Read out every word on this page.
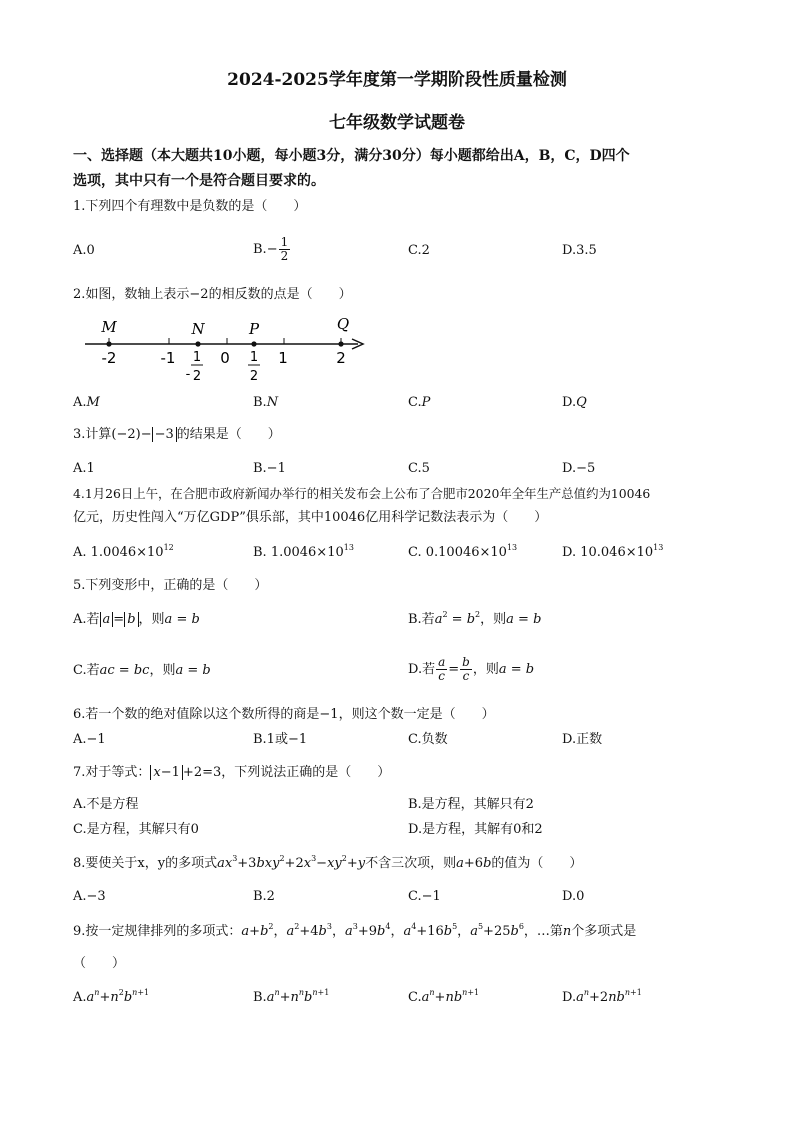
2024-2025学年度第一学期阶段性质量检测
七年级数学试题卷
一、选择题（本大题共10小题，每小题3分，满分30分）每小题都给出A，B，C，D四个
选项，其中只有一个是符合题目要求的。
1.下列四个有理数中是负数的是（　　）
A.0	$B.- \frac{1}{2}$	C.2	D.3.5
2.如图，数轴上表示−2的相反数的点是（　　）
M	N	P	Q
-2	-1	0	1	2
-
1
2
1
2
A.M	B.N	C.P	D.Q
3.计算(−2)− −3 的结果是（　　）
A.1	B.−1	C.5	D.−5
4.1月26日上午，在合肥市政府新闻办举行的相关发布会上公布了合肥市2020年全年生产总值约为10046
亿元，历史性闯入“万亿GDP”俱乐部，其中10046亿用科学记数法表示为（　　）
A. $1.0046\times 10^{12}$	B. $1.0046\times 10^{13}$	C. $0.10046\times 10^{13}$	D. $10.046\times 10^{13}$
5.下列变形中，正确的是（　　）
A.若 a = b ，则a = b	B.若$a^2 = b^2$，则a = b
C.若ac = bc，则a = b	D.若 $\frac{a}{c} = \frac{b}{c}$ ，则a = b
6.若一个数的绝对值除以这个数所得的商是−1，则这个数一定是（　　）
A.−1	B.1或−1	C.负数	D.正数
7.对于等式： x−1 +2=3，下列说法正确的是（　　）
A.不是方程	B.是方程，其解只有2
C.是方程，其解只有0	D.是方程，其解有0和2
8.要使关于x，y的多项式$ax^3+3bxy^2+2x^3-xy^2+y$不含三次项，则a+6b的值为（　　）
A.−3	B.2	C.−1	D.0
9.按一定规律排列的多项式：$a+b^2$，$a^2+4b^3$，$a^3+9b^4$，$a^4+16b^5$，$a^5+25b^6$，…第n个多项式是
（　　）
$A.a^n+n^2b^{n+1}$	$B.a^n+n^nb^{n+1}$	$C.a^n+nb^{n+1}$	$D.a^n+2nb^{n+1}$
